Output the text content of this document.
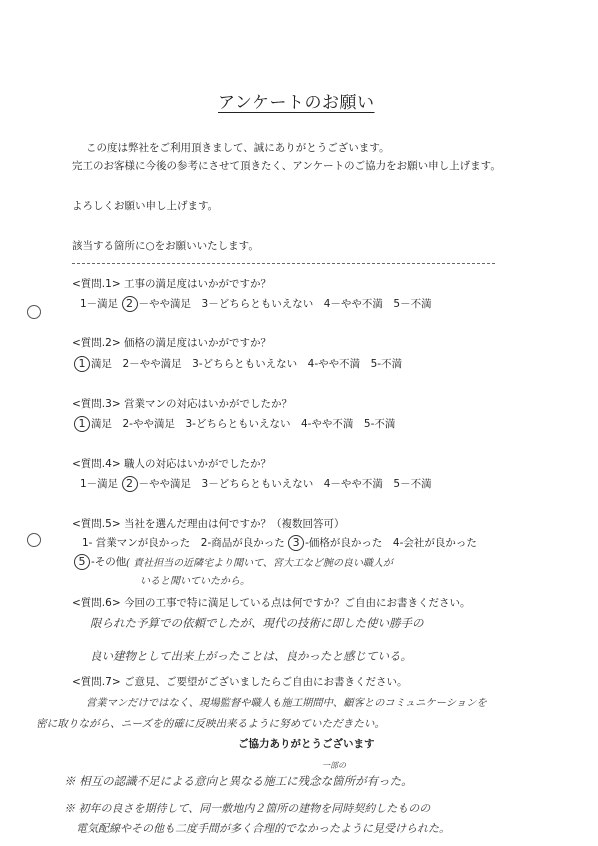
アンケートのお願い
この度は弊社をご利用頂きまして、誠にありがとうございます。
完工のお客様に今後の参考にさせて頂きたく、アンケートのご協力をお願い申し上げます。
よろしくお願い申し上げます。
該当する箇所に○をお願いいたします。
<質問.1> 工事の満足度はいかがですか？
1－満足 2 －やや満足　3－どちらともいえない　4－やや不満　5－不満
<質問.2> 価格の満足度はいかがですか？
1 満足　2－やや満足　3-どちらともいえない　4-やや不満　5-不満
<質問.3> 営業マンの対応はいかがでしたか？
1 満足　2-やや満足　3-どちらともいえない　4-やや不満　5-不満
<質問.4> 職人の対応はいかがでしたか？
1－満足 2 －やや満足　3－どちらともいえない　4－やや不満　5－不満
<質問.5> 当社を選んだ理由は何ですか？（複数回答可）
1- 営業マンが良かった　2-商品が良かった 3 -価格が良かった　4-会社が良かった
5 -その他 ( 責社担当の近隣宅より聞いて、宮大工など腕の良い職人が
いると聞いていたから。
<質問.6> 今回の工事で特に満足している点は何ですか？ご自由にお書きください。
限られた予算での依頼でしたが、現代の技術に即した使い勝手の
良い建物として出来上がったことは、良かったと感じている。
<質問.7> ご意見、ご要望がございましたらご自由にお書きください。
営業マンだけではなく、現場監督や職人も施工期間中、顧客とのコミュニケーションを
密に取りながら、ニーズを的確に反映出来るように努めていただきたい。
ご協力ありがとうございます
一部の
※ 相互の認識不足による意向と異なる施工に残念な箇所が有った。
※ 初年の良さを期待して、同一敷地内２箇所の建物を同時契約したものの
電気配線やその他も二度手間が多く合理的でなかったように見受けられた。
